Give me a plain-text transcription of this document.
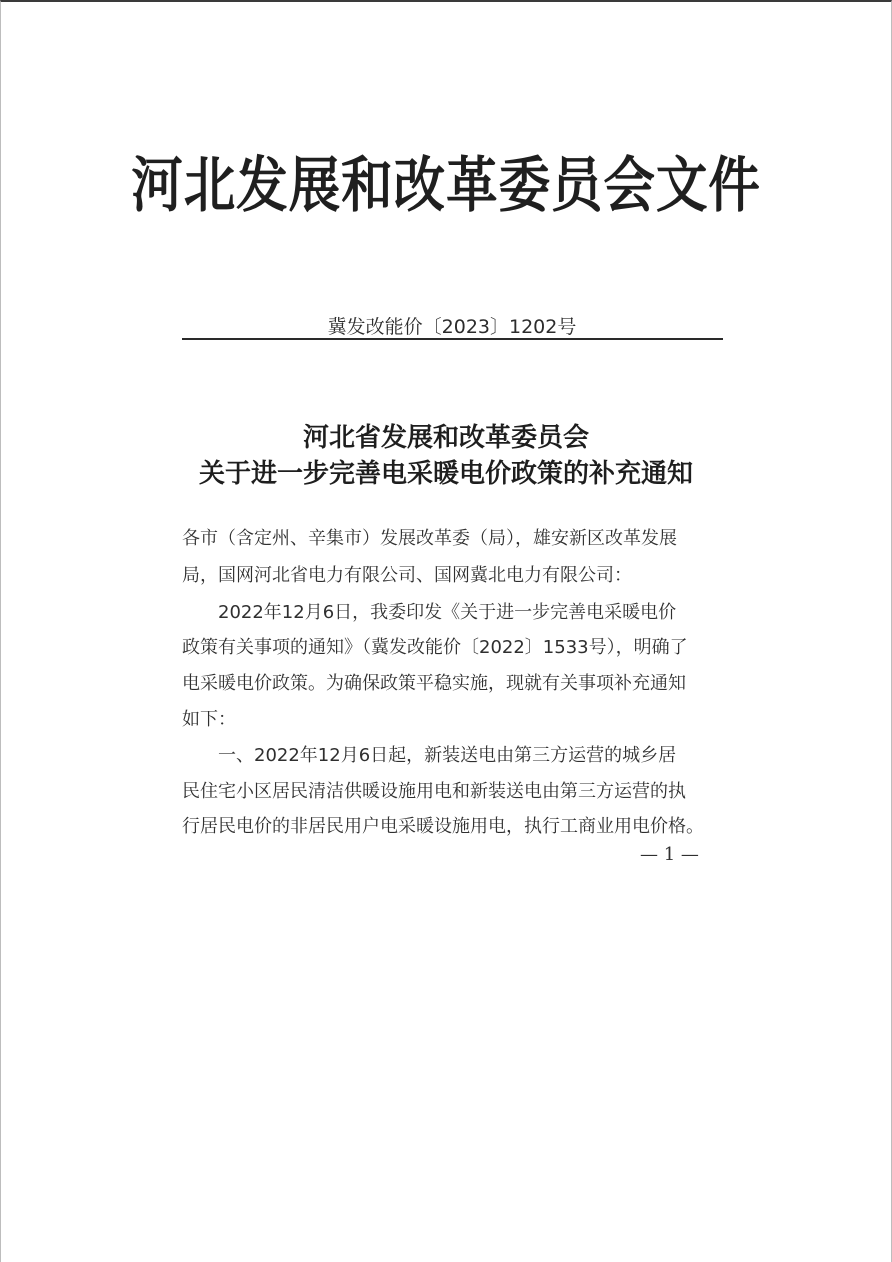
河北发展和改革委员会文件
冀发改能价〔2023〕1202号
河北省发展和改革委员会
关于进一步完善电采暖电价政策的补充通知
各市（含定州、辛集市）发展改革委（局），雄安新区改革发展
局，国网河北省电力有限公司、国网冀北电力有限公司：
2022年12月6日，我委印发《关于进一步完善电采暖电价
政策有关事项的通知》（冀发改能价〔2022〕1533号），明确了
电采暖电价政策。为确保政策平稳实施，现就有关事项补充通知
如下：
一、2022年12月6日起，新装送电由第三方运营的城乡居
民住宅小区居民清洁供暖设施用电和新装送电由第三方运营的执
行居民电价的非居民用户电采暖设施用电，执行工商业用电价格。
— 1 —
